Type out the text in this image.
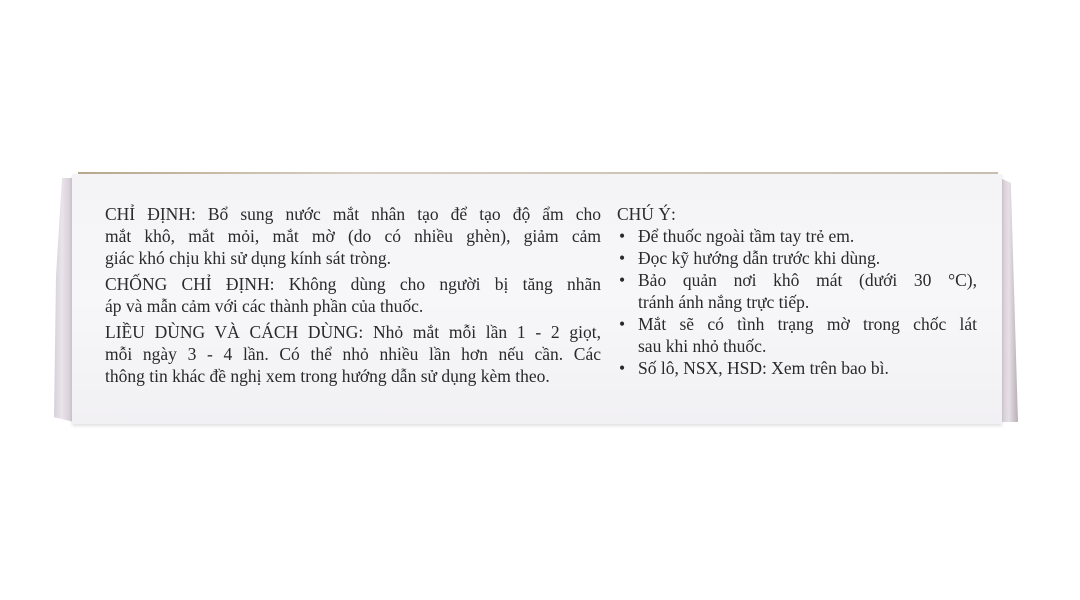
CHỈ ĐỊNH: Bổ sung nước mắt nhân tạo để tạo độ ẩm cho
mắt khô, mắt mỏi, mắt mờ (do có nhiều ghèn), giảm cảm
giác khó chịu khi sử dụng kính sát tròng.
CHỐNG CHỈ ĐỊNH: Không dùng cho người bị tăng nhãn
áp và mẫn cảm với các thành phần của thuốc.
LIỀU DÙNG VÀ CÁCH DÙNG: Nhỏ mắt mỗi lần 1 - 2 giọt,
mỗi ngày 3 - 4 lần. Có thể nhỏ nhiều lần hơn nếu cần. Các
thông tin khác đề nghị xem trong hướng dẫn sử dụng kèm theo.
CHÚ Ý:
• Để thuốc ngoài tầm tay trẻ em.
• Đọc kỹ hướng dẫn trước khi dùng.
• Bảo quản nơi khô mát (dưới 30 °C),
tránh ánh nắng trực tiếp.
• Mắt sẽ có tình trạng mờ trong chốc lát
sau khi nhỏ thuốc.
• Số lô, NSX, HSD: Xem trên bao bì.
